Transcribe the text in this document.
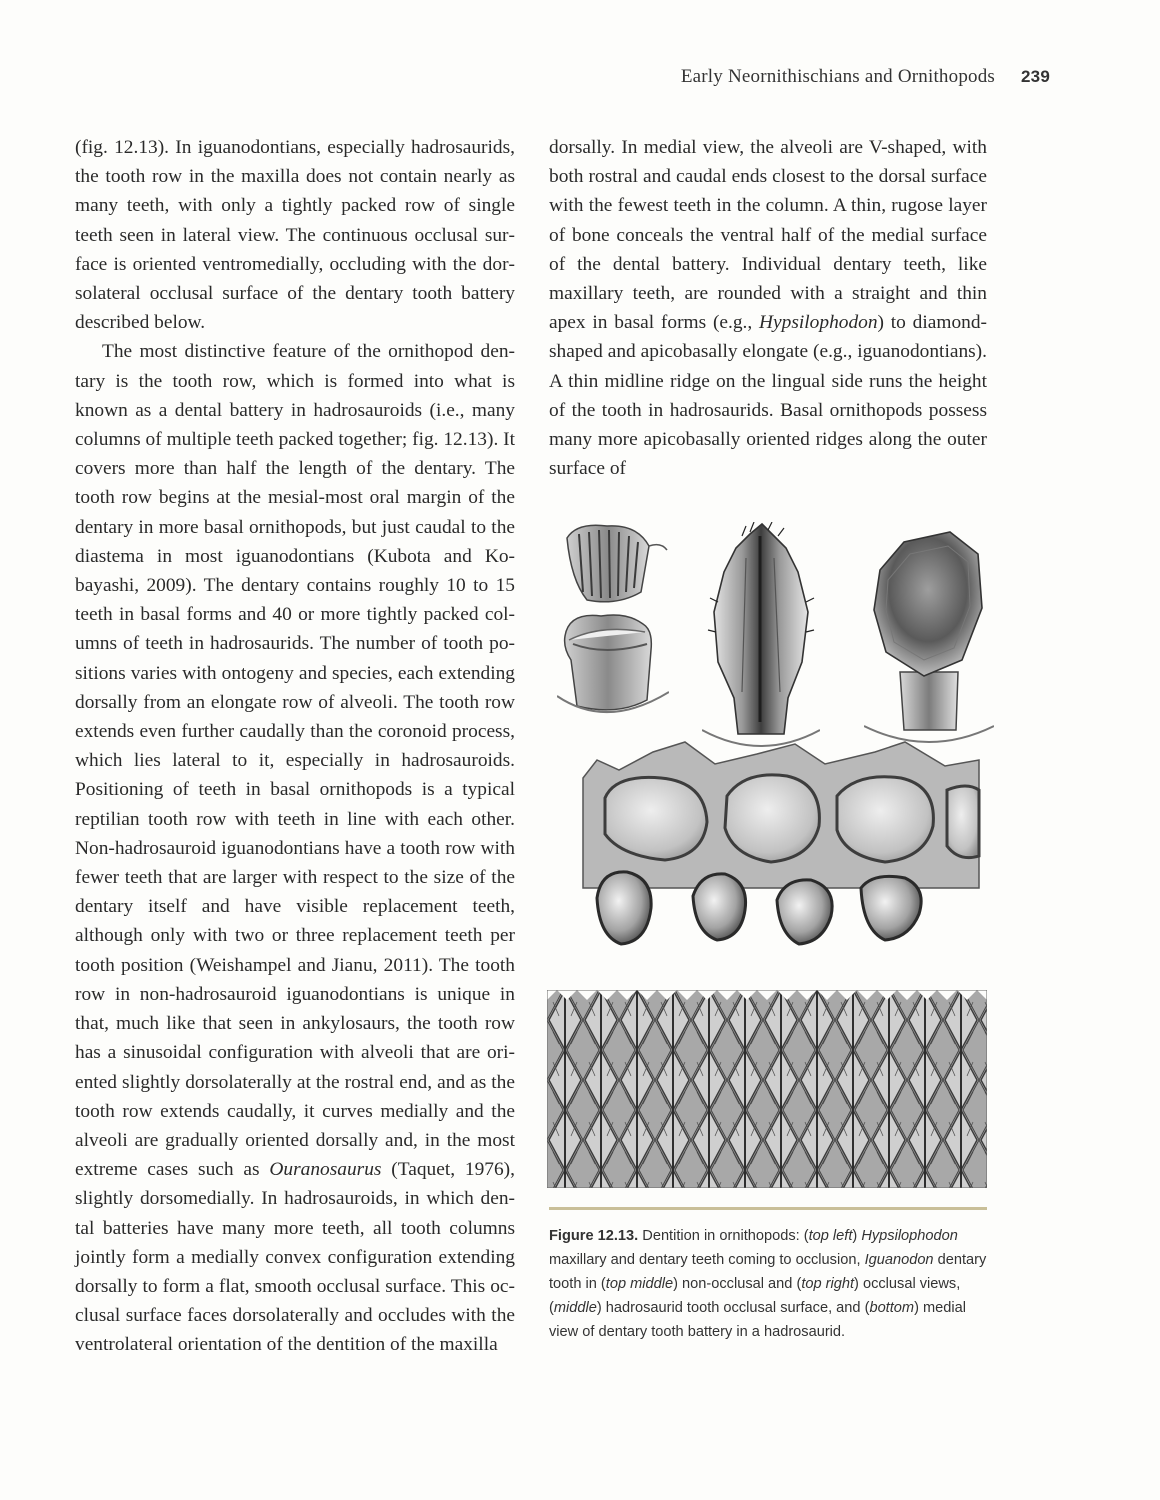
Early Neornithischians and Ornithopods 239

(fig. 12.13). In iguanodontians, especially hadrosaurids, the tooth row in the maxilla does not contain nearly as many teeth, with only a tightly packed row of single teeth seen in lateral view. The continuous occlusal surface is oriented ventromedially, occluding with the dorsolateral occlusal surface of the dentary tooth battery described below.

The most distinctive feature of the ornithopod dentary is the tooth row, which is formed into what is known as a dental battery in hadrosauroids (i.e., many columns of multiple teeth packed together; fig. 12.13). It covers more than half the length of the dentary. The tooth row begins at the mesial-most oral margin of the dentary in more basal ornithopods, but just caudal to the diastema in most iguanodontians (Kubota and Kobayashi, 2009). The dentary contains roughly 10 to 15 teeth in basal forms and 40 or more tightly packed columns of teeth in hadrosaurids. The number of tooth positions varies with ontogeny and species, each extending dorsally from an elongate row of alveoli. The tooth row extends even further caudally than the coronoid process, which lies lateral to it, especially in hadrosauroids. Positioning of teeth in basal ornithopods is a typical reptilian tooth row with teeth in line with each other. Non-hadrosauroid iguanodontians have a tooth row with fewer teeth that are larger with respect to the size of the dentary itself and have visible replacement teeth, although only with two or three replacement teeth per tooth position (Weishampel and Jianu, 2011). The tooth row in non-hadrosauroid iguanodontians is unique in that, much like that seen in ankylosaurs, the tooth row has a sinusoidal configuration with alveoli that are oriented slightly dorsolaterally at the rostral end, and as the tooth row extends caudally, it curves medially and the alveoli are gradually oriented dorsally and, in the most extreme cases such as Ouranosaurus (Taquet, 1976), slightly dorsomedially. In hadrosauroids, in which dental batteries have many more teeth, all tooth columns jointly form a medially convex configuration extending dorsally to form a flat, smooth occlusal surface. This occlusal surface faces dorsolaterally and occludes with the ventrolateral orientation of the dentition of the maxilla

dorsally. In medial view, the alveoli are V-shaped, with both rostral and caudal ends closest to the dorsal surface with the fewest teeth in the column. A thin, rugose layer of bone conceals the ventral half of the medial surface of the dental battery. Individual dentary teeth, like maxillary teeth, are rounded with a straight and thin apex in basal forms (e.g., Hypsilophodon) to diamond-shaped and apicobasally elongate (e.g., iguanodontians). A thin midline ridge on the lingual side runs the height of the tooth in hadrosaurids. Basal ornithopods possess many more apicobasally oriented ridges along the outer surface of

Figure 12.13. Dentition in ornithopods: (top left) Hypsilophodon maxillary and dentary teeth coming to occlusion, Iguanodon dentary tooth in (top middle) non-occlusal and (top right) occlusal views, (middle) hadrosaurid tooth occlusal surface, and (bottom) medial view of dentary tooth battery in a hadrosaurid.
